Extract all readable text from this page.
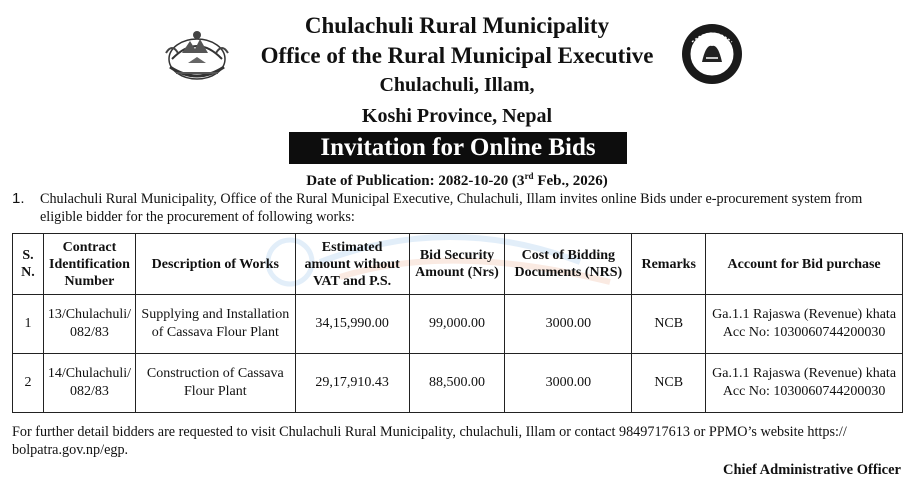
Chulachuli Rural Municipality
Office of the Rural Municipal Executive
Chulachuli, Illam,
Koshi Province, Nepal
Invitation for Online Bids
Date of Publication: 2082-10-20 (3rd Feb., 2026)
1. Chulachuli Rural Municipality, Office of the Rural Municipal Executive, Chulachuli, Illam invites online Bids under e-procurement system from eligible bidder for the procurement of following works:
S. N.	Contract Identification Number	Description of Works	Estimated amount without VAT and P.S.	Bid Security Amount (Nrs)	Cost of Bidding Documents (NRS)	Remarks	Account for Bid purchase
1	13/Chulachuli/ 082/83	Supplying and Installation of Cassava Flour Plant	34,15,990.00	99,000.00	3000.00	NCB	Ga.1.1 Rajaswa (Revenue) khata Acc No: 1030060744200030
2	14/Chulachuli/ 082/83	Construction of Cassava Flour Plant	29,17,910.43	88,500.00	3000.00	NCB	Ga.1.1 Rajaswa (Revenue) khata Acc No: 1030060744200030
For further detail bidders are requested to visit Chulachuli Rural Municipality, chulachuli, Illam or contact 9849717613 or PPMO’s website https:// bolpatra.gov.np/egp.
Chief Administrative Officer
